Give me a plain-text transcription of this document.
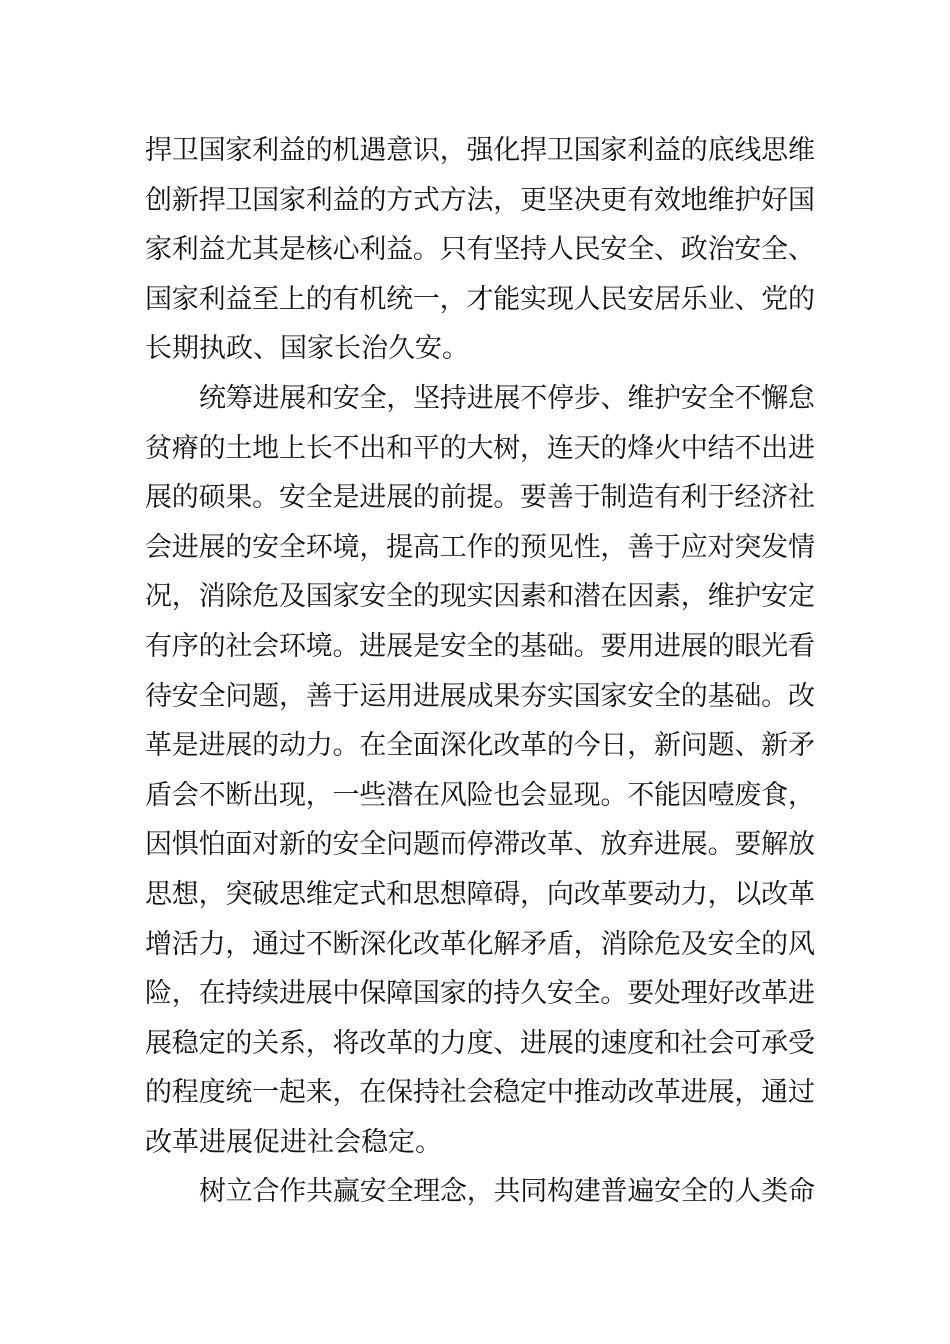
捍卫国家利益的机遇意识，强化捍卫国家利益的底线思维
创新捍卫国家利益的方式方法，更坚决更有效地维护好国
家利益尤其是核心利益。只有坚持人民安全、政治安全、
国家利益至上的有机统一，才能实现人民安居乐业、党的
长期执政、国家长治久安。
统筹进展和安全，坚持进展不停步、维护安全不懈怠
贫瘠的土地上长不出和平的大树，连天的烽火中结不出进
展的硕果。安全是进展的前提。要善于制造有利于经济社
会进展的安全环境，提高工作的预见性，善于应对突发情
况，消除危及国家安全的现实因素和潜在因素，维护安定
有序的社会环境。进展是安全的基础。要用进展的眼光看
待安全问题，善于运用进展成果夯实国家安全的基础。改
革是进展的动力。在全面深化改革的今日，新问题、新矛
盾会不断出现，一些潜在风险也会显现。不能因噎废食，
因惧怕面对新的安全问题而停滞改革、放弃进展。要解放
思想，突破思维定式和思想障碍，向改革要动力，以改革
增活力，通过不断深化改革化解矛盾，消除危及安全的风
险，在持续进展中保障国家的持久安全。要处理好改革进
展稳定的关系，将改革的力度、进展的速度和社会可承受
的程度统一起来，在保持社会稳定中推动改革进展，通过
改革进展促进社会稳定。
树立合作共赢安全理念，共同构建普遍安全的人类命
